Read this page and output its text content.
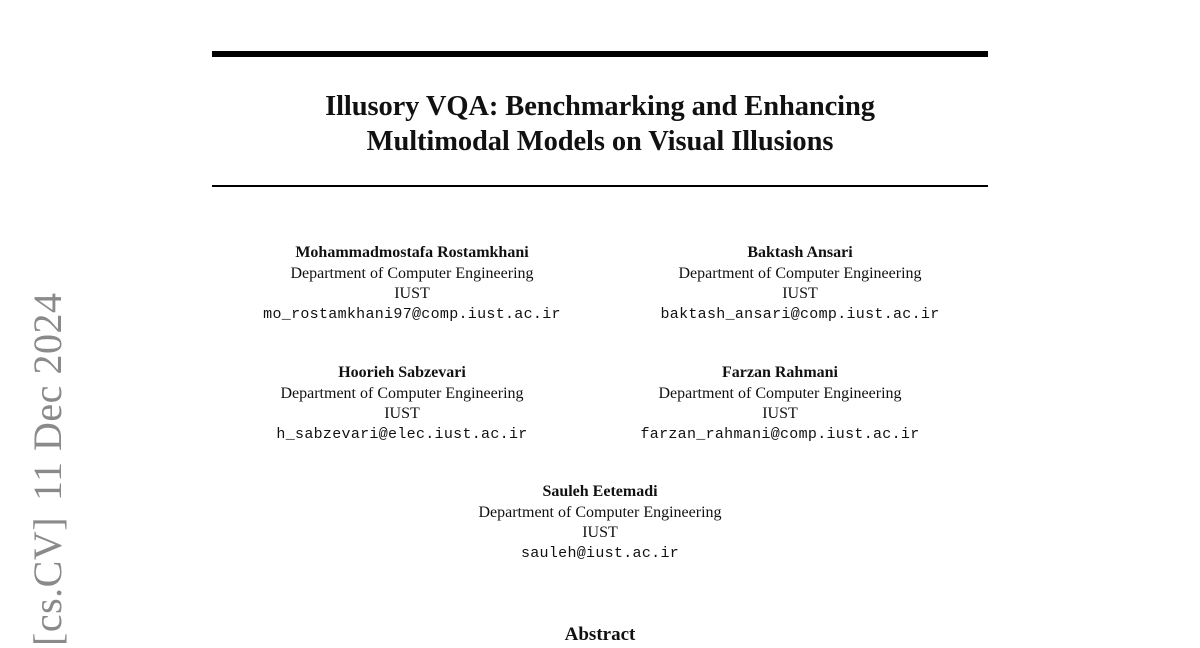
Illusory VQA: Benchmarking and Enhancing
Multimodal Models on Visual Illusions
Mohammadmostafa Rostamkhani
Department of Computer Engineering
IUST
mo_rostamkhani97@comp.iust.ac.ir
Baktash Ansari
Department of Computer Engineering
IUST
baktash_ansari@comp.iust.ac.ir
Hoorieh Sabzevari
Department of Computer Engineering
IUST
h_sabzevari@elec.iust.ac.ir
Farzan Rahmani
Department of Computer Engineering
IUST
farzan_rahmani@comp.iust.ac.ir
Sauleh Eetemadi
Department of Computer Engineering
IUST
sauleh@iust.ac.ir
Abstract
[cs.CV]11 Dec 2024
